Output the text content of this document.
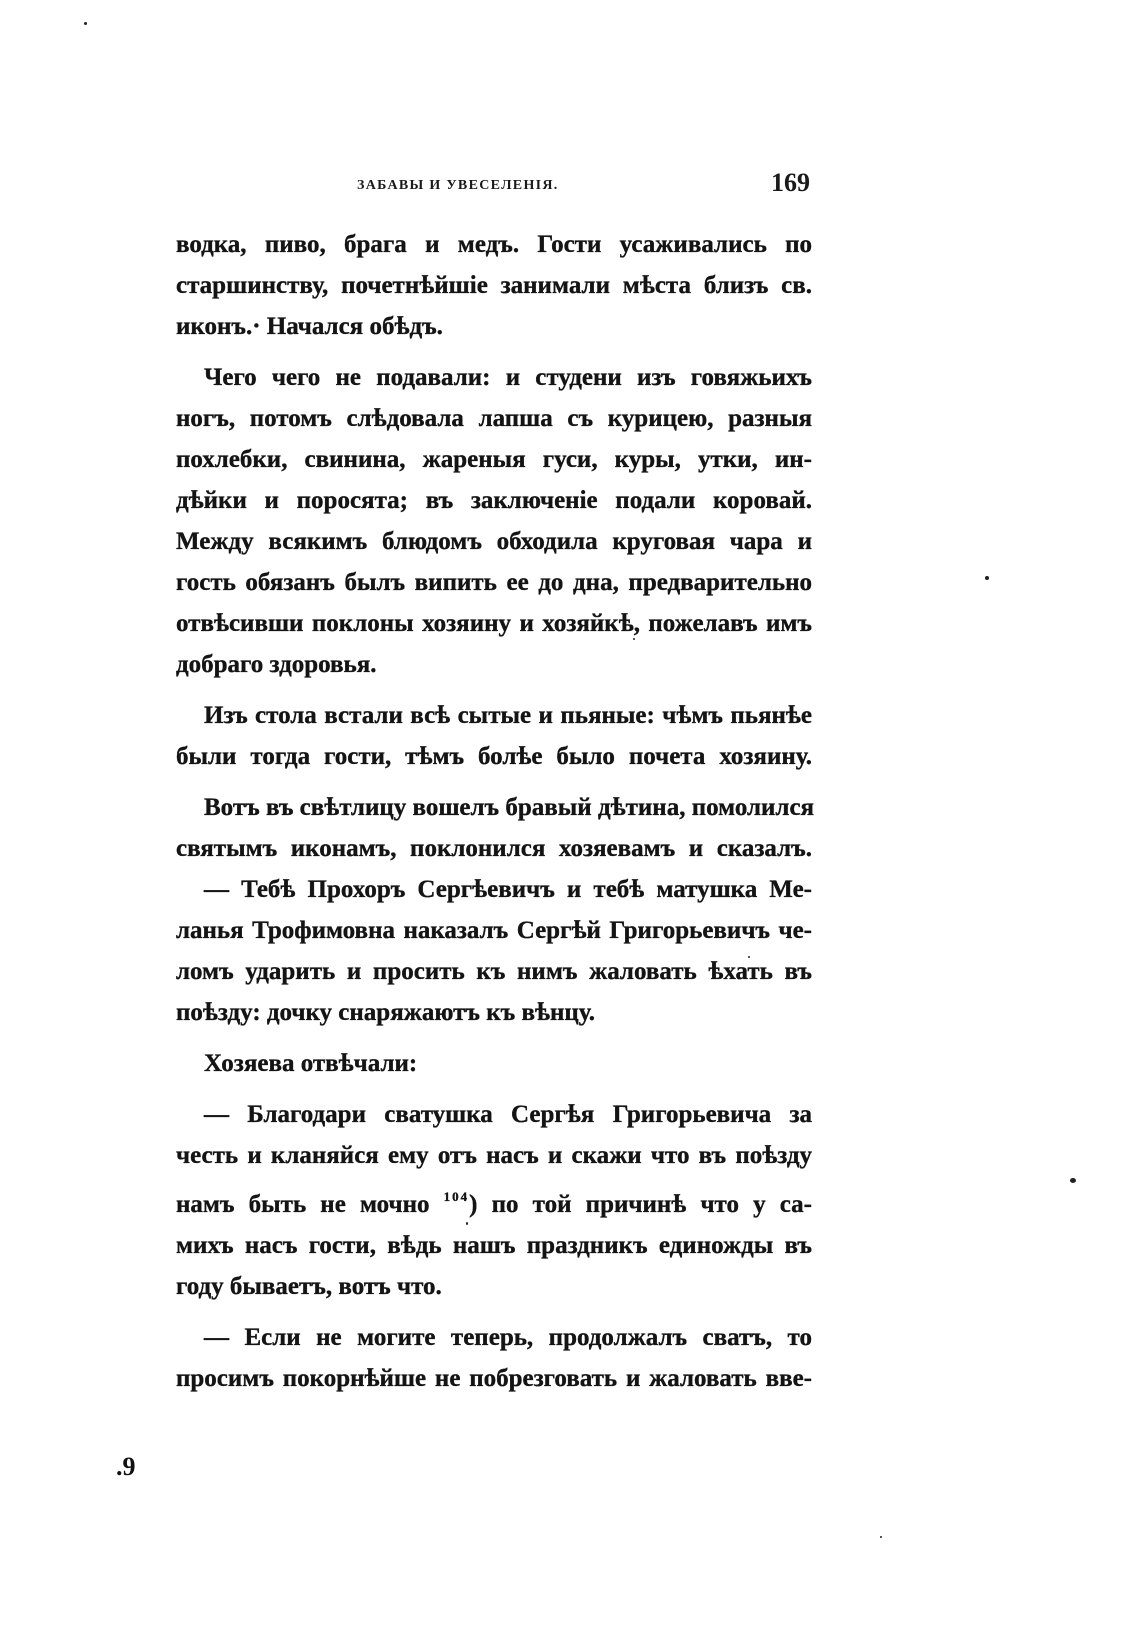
ЗАБАВЫ И УВЕСЕЛЕНІЯ.	169

водка, пиво, брага и медъ. Гости усаживались по
старшинству, почетнѣйшіе занимали мѣста близъ св.
иконъ.· Начался обѣдъ.

Чего чего не подавали: и студени изъ говяжьихъ
ногъ, потомъ слѣдовала лапша съ курицею, разныя
похлебки, свинина, жареныя гуси, куры, утки, ин-
дѣйки и поросята; въ заключеніе подали коровай.
Между всякимъ блюдомъ обходила круговая чара и
гость обязанъ былъ випить ее до дна, предварительно
отвѣсивши поклоны хозяину и хозяйкѣ, пожелавъ имъ
добраго здоровья.

Изъ стола встали всѣ сытые и пьяные: чѣмъ пьянѣе
были тогда гости, тѣмъ болѣе было почета хозяину.

Вотъ въ свѣтлицу вошелъ бравый дѣтина, помолился
святымъ иконамъ, поклонился хозяевамъ и сказалъ.

— Тебѣ Прохоръ Сергѣевичъ и тебѣ матушка Ме-
ланья Трофимовна наказалъ Сергѣй Григорьевичъ че-
ломъ ударить и просить къ нимъ жаловать ѣхать въ
поѣзду: дочку снаряжаютъ къ вѣнцу.

Хозяева отвѣчали:

— Благодари сватушка Сергѣя Григорьевича за
честь и кланяйся ему отъ насъ и скажи что въ поѣзду
намъ быть не мочно $^{104}$) по той причинѣ что у са-
михъ насъ гости, вѣдь нашъ праздникъ единожды въ
году бываетъ, вотъ что.

— Если не могите теперь, продолжалъ сватъ, то
просимъ покорнѣйше не побрезговать и жаловать вве-

.9
